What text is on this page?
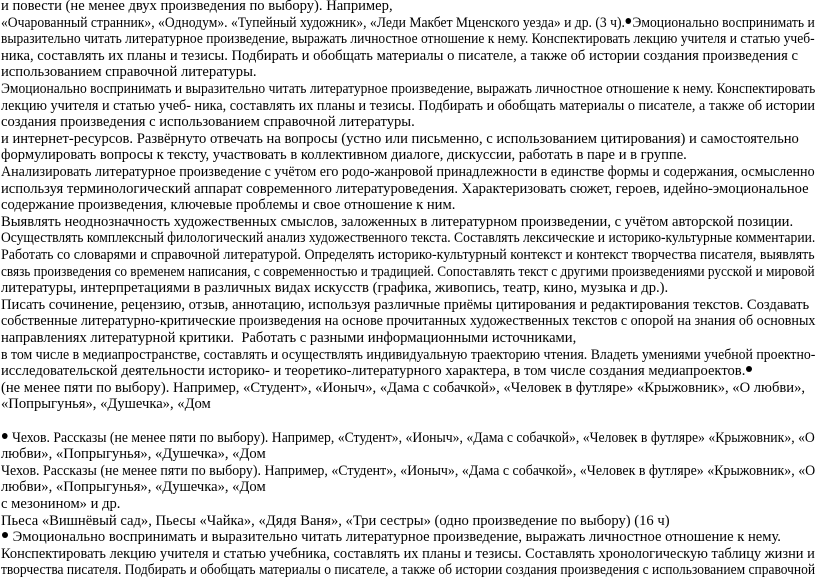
и повести (не менее двух произведения по выбору). Например,
«Очарованный странник», «Однодум». «Тупейный художник», «Леди Макбет Мценского уезда» и др. (3 ч). Эмоционально воспринимать и
выразительно читать литературное произведение, выражать личностное отношение к нему. Конспектировать лекцию учителя и статью учеб-
ника, составлять их планы и тезисы. Подбирать и обобщать материалы о писателе, а также об истории создания произведения с
использованием справочной литературы.
Эмоционально воспринимать и выразительно читать литературное произведение, выражать личностное отношение к нему. Конспектировать
лекцию учителя и статью учеб- ника, составлять их планы и тезисы. Подбирать и обобщать материалы о писателе, а также об истории
создания произведения с использованием справочной литературы.
и интернет-ресурсов. Развёрнуто отвечать на вопросы (устно или письменно, с использованием цитирования) и самостоятельно
формулировать вопросы к тексту, участвовать в коллективном диалоге, дискуссии, работать в паре и в группе.
Анализировать литературное произведение с учётом его родо-жанровой принадлежности в единстве формы и содержания, осмысленно
используя терминологический аппарат современного литературоведения. Характеризовать сюжет, героев, идейно-эмоциональное
содержание произведения, ключевые проблемы и свое отношение к ним.
Выявлять неоднозначность художественных смыслов, заложенных в литературном произведении, с учётом авторской позиции.
Осуществлять комплексный филологический анализ художественного текста. Составлять лексические и историко-культурные комментарии.
Работать со словарями и справочной литературой. Определять историко-культурный контекст и контекст творчества писателя, выявлять
связь произведения со временем написания, с современностью и традицией. Сопоставлять текст с другими произведениями русской и мировой
литературы, интерпретациями в различных видах искусств (графика, живопись, театр, кино, музыка и др.).
Писать сочинение, рецензию, отзыв, аннотацию, используя различные приёмы цитирования и редактирования текстов. Создавать
собственные литературно-критические произведения на основе прочитанных художественных текстов с опорой на знания об основных
направлениях литературной критики.  Работать с разными информационными источниками,
в том числе в медиапространстве, составлять и осуществлять индивидуальную траекторию чтения. Владеть умениями учебной проектно-
исследовательской деятельности историко- и теоретико-литературного характера, в том числе создания медиапроектов.
(не менее пяти по выбору). Например, «Студент», «Ионыч», «Дама с собачкой», «Человек в футляре» «Крыжовник», «О любви»,
«Попрыгунья», «Душечка», «Дом
Чехов. Рассказы (не менее пяти по выбору). Например, «Студент», «Ионыч», «Дама с собачкой», «Человек в футляре» «Крыжовник», «О
любви», «Попрыгунья», «Душечка», «Дом
Чехов. Рассказы (не менее пяти по выбору). Например, «Студент», «Ионыч», «Дама с собачкой», «Человек в футляре» «Крыжовник», «О
любви», «Попрыгунья», «Душечка», «Дом
с мезонином» и др.
Пьеса «Вишнёвый сад», Пьесы «Чайка», «Дядя Ваня», «Три сестры» (одно произведение по выбору) (16 ч)
Эмоционально воспринимать и выразительно читать литературное произведение, выражать личностное отношение к нему.
Конспектировать лекцию учителя и статью учебника, составлять их планы и тезисы. Составлять хронологическую таблицу жизни и
творчества писателя. Подбирать и обобщать материалы о писателе, а также об истории создания произведения с использованием справочной
